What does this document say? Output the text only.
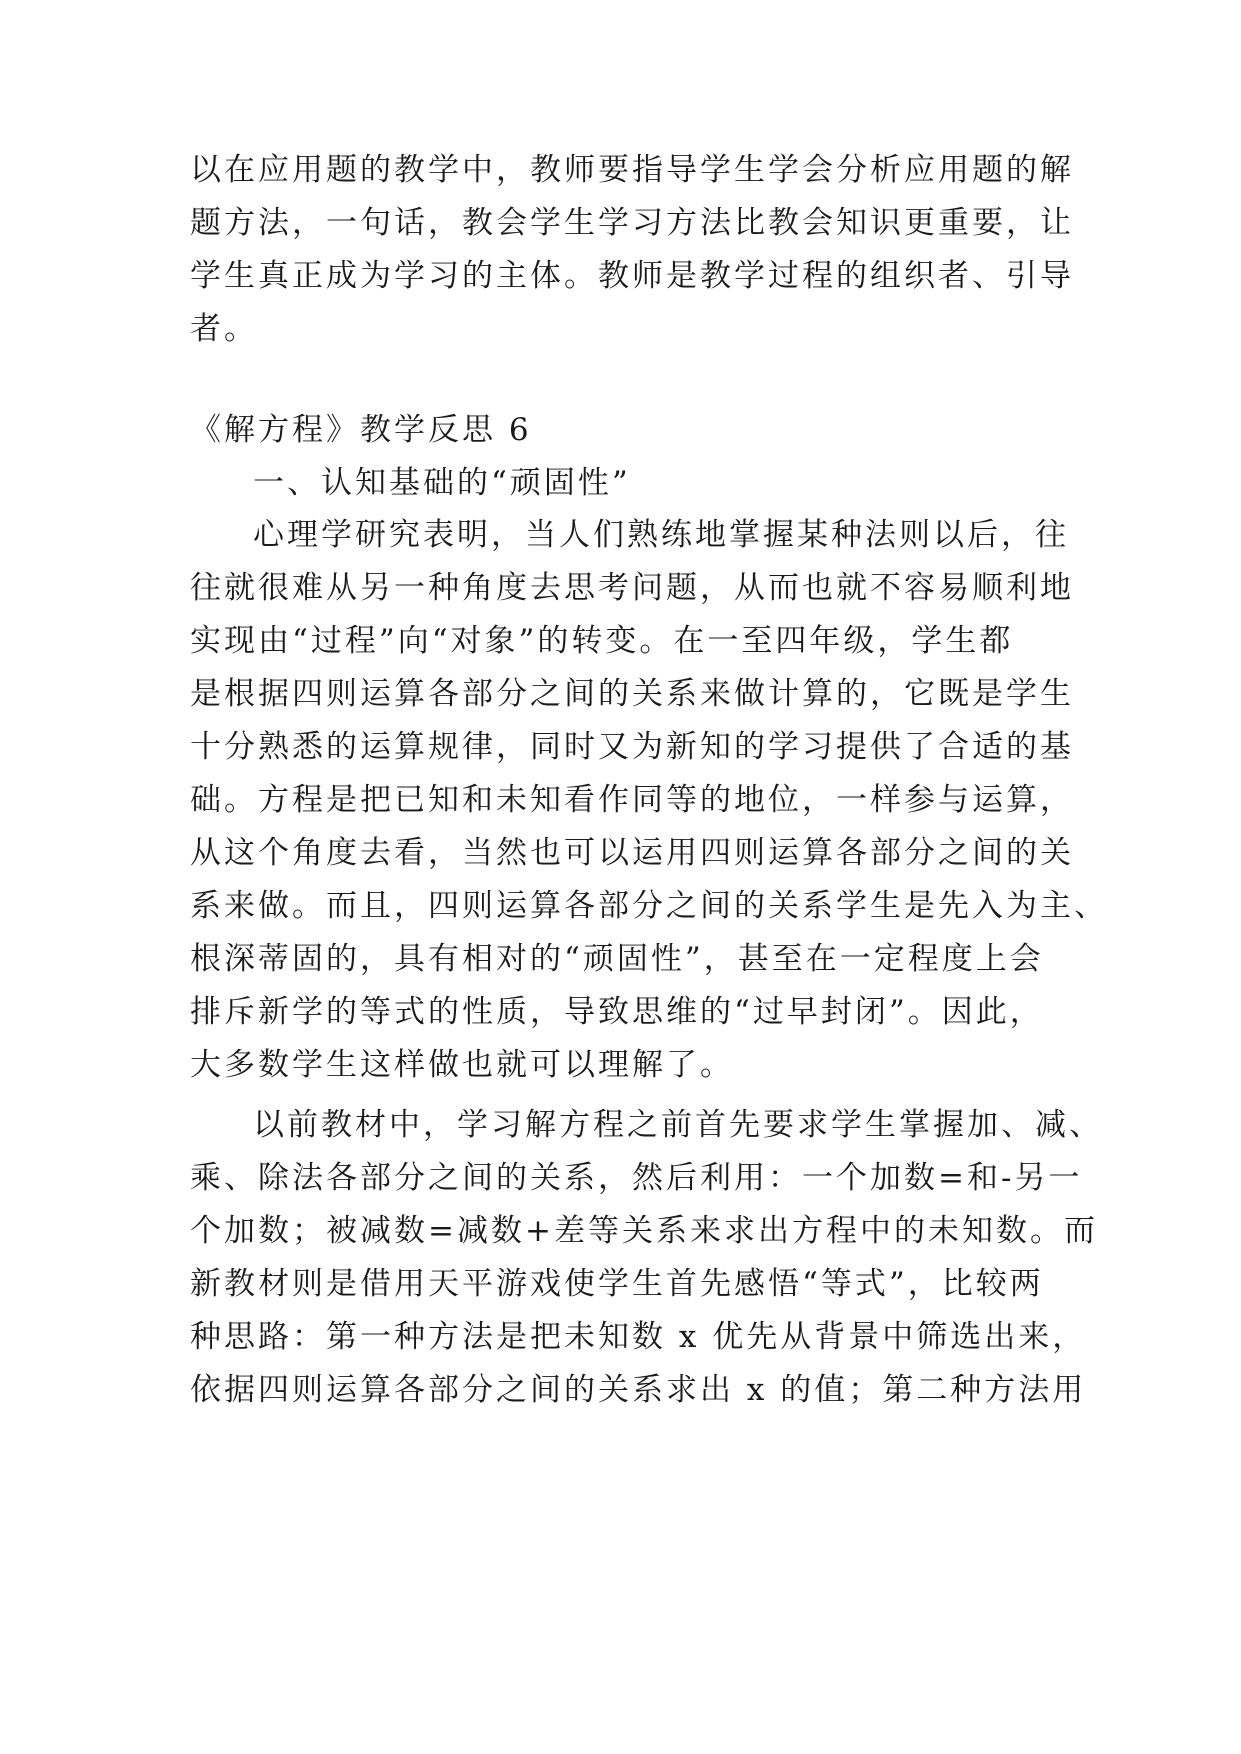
以在应用题的教学中，教师要指导学生学会分析应用题的解
题方法，一句话，教会学生学习方法比教会知识更重要，让
学生真正成为学习的主体。教师是教学过程的组织者、引导
者。
《解方程》教学反思 6
一、认知基础的“顽固性”
心理学研究表明，当人们熟练地掌握某种法则以后，往
往就很难从另一种角度去思考问题，从而也就不容易顺利地
实现由“过程”向“对象”的转变。在一至四年级，学生都
是根据四则运算各部分之间的关系来做计算的，它既是学生
十分熟悉的运算规律，同时又为新知的学习提供了合适的基
础。方程是把已知和未知看作同等的地位，一样参与运算，
从这个角度去看，当然也可以运用四则运算各部分之间的关
系来做。而且，四则运算各部分之间的关系学生是先入为主、
根深蒂固的，具有相对的“顽固性”，甚至在一定程度上会
排斥新学的等式的性质，导致思维的“过早封闭”。因此，
大多数学生这样做也就可以理解了。
以前教材中，学习解方程之前首先要求学生掌握加、减、
乘、除法各部分之间的关系，然后利用：一个加数=和-另一
个加数；被减数=减数+差等关系来求出方程中的未知数。而
新教材则是借用天平游戏使学生首先感悟“等式”，比较两
种思路：第一种方法是把未知数 x 优先从背景中筛选出来，
依据四则运算各部分之间的关系求出 x 的值；第二种方法用
